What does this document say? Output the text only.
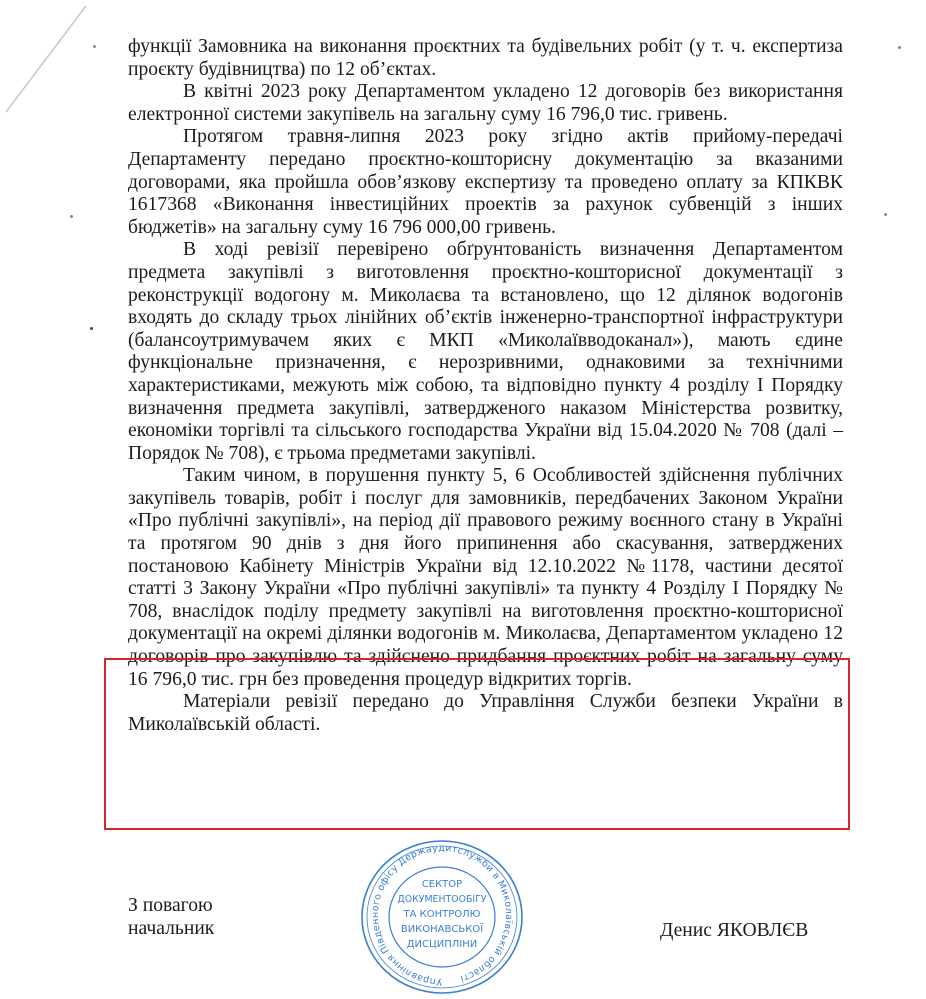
функції Замовника на виконання проєктних та будівельних робіт (у т. ч. експертиза проєкту будівництва) по 12 об’єктах.

В квітні 2023 року Департаментом укладено 12 договорів без використання електронної системи закупівель на загальну суму 16 796,0 тис. гривень.

Протягом травня-липня 2023 року згідно актів прийому-передачі Департаменту передано проєктно-кошторисну документацію за вказаними договорами, яка пройшла обов’язкову експертизу та проведено оплату за КПКВК 1617368 «Виконання інвестиційних проектів за рахунок субвенцій з інших бюджетів» на загальну суму 16 796 000,00 гривень.

В ході ревізії перевірено обґрунтованість визначення Департаментом предмета закупівлі з виготовлення проєктно-кошторисної документації з реконструкції водогону м. Миколаєва та встановлено, що 12 ділянок водогонів входять до складу трьох лінійних об’єктів інженерно-транспортної інфраструктури (балансоутримувачем яких є МКП «Миколаївводоканал»), мають єдине функціональне призначення, є нерозривними, однаковими за технічними характеристиками, межують між собою, та відповідно пункту 4 розділу І Порядку визначення предмета закупівлі, затвердженого наказом Міністерства розвитку, економіки торгівлі та сільського господарства України від 15.04.2020 № 708 (далі – Порядок № 708), є трьома предметами закупівлі.

Таким чином, в порушення пункту 5, 6 Особливостей здійснення публічних закупівель товарів, робіт і послуг для замовників, передбачених Законом України «Про публічні закупівлі», на період дії правового режиму воєнного стану в Україні та протягом 90 днів з дня його припинення або скасування, затверджених постановою Кабінету Міністрів України від 12.10.2022 №1178, частини десятої статті 3 Закону України «Про публічні закупівлі» та пункту 4 Розділу І Порядку № 708, внаслідок поділу предмету закупівлі на виготовлення проєктно-кошторисної документації на окремі ділянки водогонів м. Миколаєва, Департаментом укладено 12 договорів про закупівлю та здійснено придбання проєктних робіт на загальну суму 16 796,0 тис. грн без проведення процедур відкритих торгів.

Матеріали ревізії передано до Управління Служби безпеки України в Миколаївській області.

З повагою
начальник
Управління Південного офісу Держаудитслужби в Миколаївській області
СЕКТОР
ДОКУМЕНТООБІГУ
ТА КОНТРОЛЮ
ВИКОНАВСЬКОЇ
ДИСЦИПЛІНИ
Денис ЯКОВЛЄВ
